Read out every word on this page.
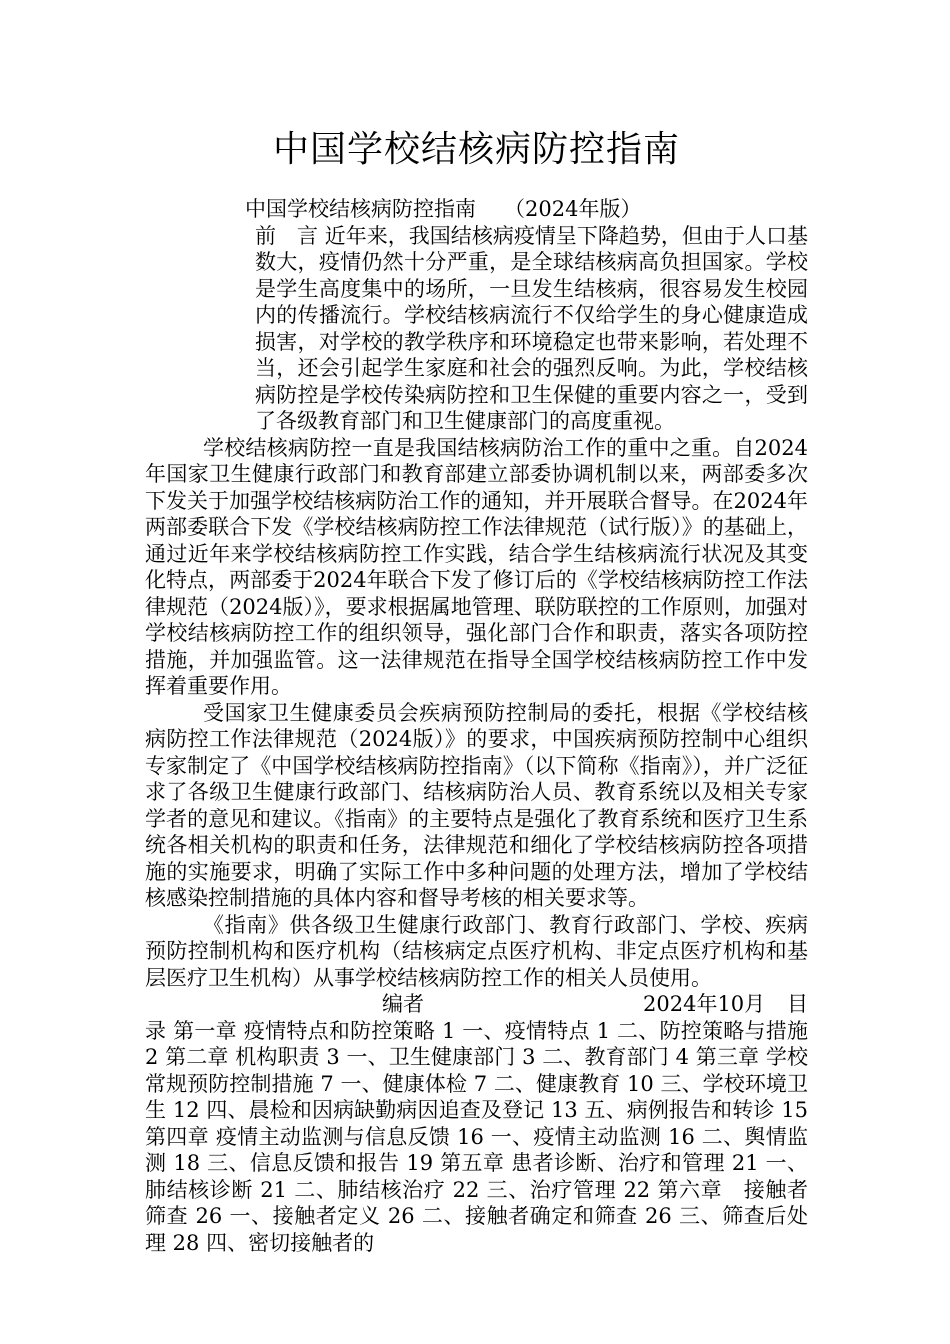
中国学校结核病防控指南

中国学校结核病防控指南 （2024年版）

前　言 近年来，我国结核病疫情呈下降趋势，但由于人口基数大，疫情仍然十分严重，是全球结核病高负担国家。学校是学生高度集中的场所，一旦发生结核病，很容易发生校园内的传播流行。学校结核病流行不仅给学生的身心健康造成损害，对学校的教学秩序和环境稳定也带来影响，若处理不当，还会引起学生家庭和社会的强烈反响。为此，学校结核病防控是学校传染病防控和卫生保健的重要内容之一，受到了各级教育部门和卫生健康部门的高度重视。

学校结核病防控一直是我国结核病防治工作的重中之重。自2024年国家卫生健康行政部门和教育部建立部委协调机制以来，两部委多次下发关于加强学校结核病防治工作的通知，并开展联合督导。在2024年两部委联合下发《学校结核病防控工作法律规范（试行版）》的基础上，通过近年来学校结核病防控工作实践，结合学生结核病流行状况及其变化特点，两部委于2024年联合下发了修订后的《学校结核病防控工作法律规范（2024版）》，要求根据属地管理、联防联控的工作原则，加强对学校结核病防控工作的组织领导，强化部门合作和职责，落实各项防控措施，并加强监管。这一法律规范在指导全国学校结核病防控工作中发挥着重要作用。

受国家卫生健康委员会疾病预防控制局的委托，根据《学校结核病防控工作法律规范（2024版）》的要求，中国疾病预防控制中心组织专家制定了《中国学校结核病防控指南》（以下简称《指南》），并广泛征求了各级卫生健康行政部门、结核病防治人员、教育系统以及相关专家学者的意见和建议。《指南》的主要特点是强化了教育系统和医疗卫生系统各相关机构的职责和任务，法律规范和细化了学校结核病防控各项措施的实施要求，明确了实际工作中多种问题的处理方法，增加了学校结核感染控制措施的具体内容和督导考核的相关要求等。

《指南》供各级卫生健康行政部门、教育行政部门、学校、疾病预防控制机构和医疗机构（结核病定点医疗机构、非定点医疗机构和基层医疗卫生机构）从事学校结核病防控工作的相关人员使用。

编者	2024年10月 目

录 第一章 疫情特点和防控策略 1 一、疫情特点 1 二、防控策略与措施 2 第二章 机构职责 3 一、卫生健康部门 3 二、教育部门 4 第三章 学校常规预防控制措施 7 一、健康体检 7 二、健康教育 10 三、学校环境卫生 12 四、晨检和因病缺勤病因追查及登记 13 五、病例报告和转诊 15 第四章 疫情主动监测与信息反馈 16 一、疫情主动监测 16 二、舆情监测 18 三、信息反馈和报告 19 第五章 患者诊断、治疗和管理 21 一、肺结核诊断 21 二、肺结核治疗 22 三、治疗管理 22 第六章　接触者筛查 26 一、接触者定义 26 二、接触者确定和筛查 26 三、筛查后处理 28 四、密切接触者的
